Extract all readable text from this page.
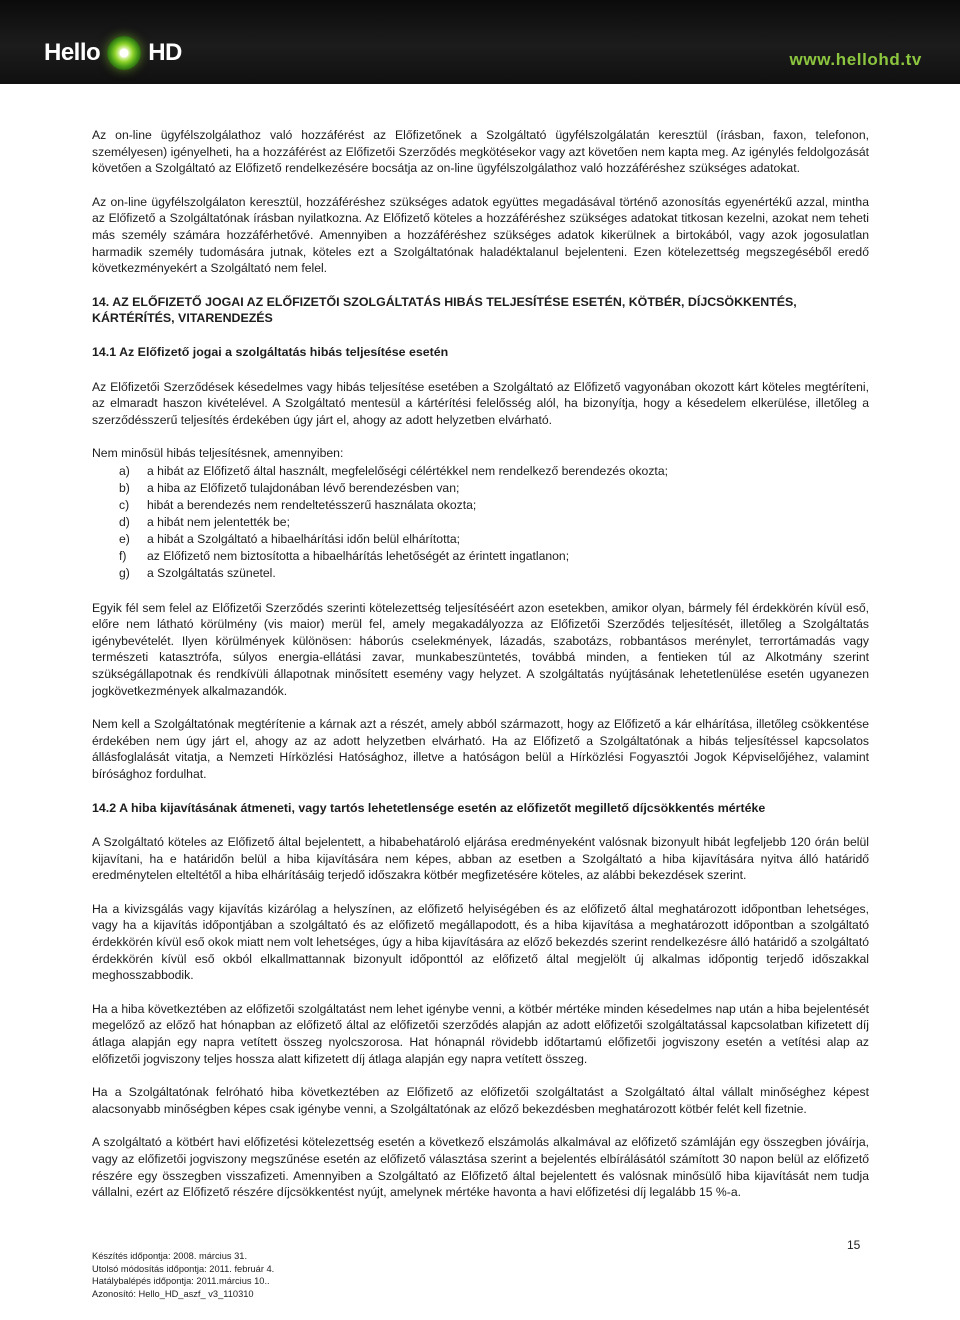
Hello HD	www.hellohd.tv

Az on-line ügyfélszolgálathoz való hozzáférést az Előfizetőnek a Szolgáltató ügyfélszolgálatán keresztül (írásban, faxon, telefonon, személyesen) igényelheti, ha a hozzáférést az Előfizetői Szerződés megkötésekor vagy azt követően nem kapta meg. Az igénylés feldolgozását követően a Szolgáltató az Előfizető rendelkezésére bocsátja az on-line ügyfélszolgálathoz való hozzáféréshez szükséges adatokat.

Az on-line ügyfélszolgálaton keresztül, hozzáféréshez szükséges adatok együttes megadásával történő azonosítás egyenértékű azzal, mintha az Előfizető a Szolgáltatónak írásban nyilatkozna. Az Előfizető köteles a hozzáféréshez szükséges adatokat titkosan kezelni, azokat nem teheti más személy számára hozzáférhetővé. Amennyiben a hozzáféréshez szükséges adatok kikerülnek a birtokából, vagy azok jogosulatlan harmadik személy tudomására jutnak, köteles ezt a Szolgáltatónak haladéktalanul bejelenteni. Ezen kötelezettség megszegéséből eredő következményekért a Szolgáltató nem felel.

14. AZ ELŐFIZETŐ JOGAI AZ ELŐFIZETŐI SZOLGÁLTATÁS HIBÁS TELJESÍTÉSE ESETÉN, KÖTBÉR, DÍJCSÖKKENTÉS, KÁRTÉRÍTÉS, VITARENDEZÉS
14.1 Az Előfizető jogai a szolgáltatás hibás teljesítése esetén

Az Előfizetői Szerződések késedelmes vagy hibás teljesítése esetében a Szolgáltató az Előfizető vagyonában okozott kárt köteles megtéríteni, az elmaradt haszon kivételével. A Szolgáltató mentesül a kártérítési felelősség alól, ha bizonyítja, hogy a késedelem elkerülése, illetőleg a szerződésszerű teljesítés érdekében úgy járt el, ahogy az adott helyzetben elvárható.

Nem minősül hibás teljesítésnek, amennyiben:

a)	a hibát az Előfizető által használt, megfelelőségi célértékkel nem rendelkező berendezés okozta;
b)	a hiba az Előfizető tulajdonában lévő berendezésben van;
c)	hibát a berendezés nem rendeltetésszerű használata okozta;
d)	a hibát nem jelentették be;
e)	a hibát a Szolgáltató a hibaelhárítási időn belül elhárította;
f)	az Előfizető nem biztosította a hibaelhárítás lehetőségét az érintett ingatlanon;
g)	a Szolgáltatás szünetel.

Egyik fél sem felel az Előfizetői Szerződés szerinti kötelezettség teljesítéséért azon esetekben, amikor olyan, bármely fél érdekkörén kívül eső, előre nem látható körülmény (vis maior) merül fel, amely megakadályozza az Előfizetői Szerződés teljesítését, illetőleg a Szolgáltatás igénybevételét. Ilyen körülmények különösen: háborús cselekmények, lázadás, szabotázs, robbantásos merénylet, terrortámadás vagy természeti katasztrófa, súlyos energia-ellátási zavar, munkabeszüntetés, továbbá minden, a fentieken túl az Alkotmány szerint szükségállapotnak és rendkívüli állapotnak minősített esemény vagy helyzet. A szolgáltatás nyújtásának lehetetlenülése esetén ugyanezen jogkövetkezmények alkalmazandók.

Nem kell a Szolgáltatónak megtérítenie a kárnak azt a részét, amely abból származott, hogy az Előfizető a kár elhárítása, illetőleg csökkentése érdekében nem úgy járt el, ahogy az az adott helyzetben elvárható. Ha az Előfizető a Szolgáltatónak a hibás teljesítéssel kapcsolatos állásfoglalását vitatja, a Nemzeti Hírközlési Hatósághoz, illetve a hatóságon belül a Hírközlési Fogyasztói Jogok Képviselőjéhez, valamint bírósághoz fordulhat.

14.2 A hiba kijavításának átmeneti, vagy tartós lehetetlensége esetén az előfizetőt megillető díjcsökkentés mértéke

A Szolgáltató köteles az Előfizető által bejelentett, a hibabehatároló eljárása eredményeként valósnak bizonyult hibát legfeljebb 120 órán belül kijavítani, ha e határidőn belül a hiba kijavítására nem képes, abban az esetben a Szolgáltató a hiba kijavítására nyitva álló határidő eredménytelen elteltétől a hiba elhárításáig terjedő időszakra kötbér megfizetésére köteles, az alábbi bekezdések szerint.

Ha a kivizsgálás vagy kijavítás kizárólag a helyszínen, az előfizető helyiségében és az előfizető által meghatározott időpontban lehetséges, vagy ha a kijavítás időpontjában a szolgáltató és az előfizető megállapodott, és a hiba kijavítása a meghatározott időpontban a szolgáltató érdekkörén kívül eső okok miatt nem volt lehetséges, úgy a hiba kijavítására az előző bekezdés szerint rendelkezésre álló határidő a szolgáltató érdekkörén kívül eső okból elkallmattannak bizonyult időponttól az előfizető által megjelölt új alkalmas időpontig terjedő időszakkal meghosszabbodik.

Ha a hiba következtében az előfizetői szolgáltatást nem lehet igénybe venni, a kötbér mértéke minden késedelmes nap után a hiba bejelentését megelőző az előző hat hónapban az előfizető által az előfizetői szerződés alapján az adott előfizetői szolgáltatással kapcsolatban kifizetett díj átlaga alapján egy napra vetített összeg nyolcszorosa. Hat hónapnál rövidebb időtartamú előfizetői jogviszony esetén a vetítési alap az előfizetői jogviszony teljes hossza alatt kifizetett díj átlaga alapján egy napra vetített összeg.

Ha a Szolgáltatónak felróható hiba következtében az Előfizető az előfizetői szolgáltatást a Szolgáltató által vállalt minőséghez képest alacsonyabb minőségben képes csak igénybe venni, a Szolgáltatónak az előző bekezdésben meghatározott kötbér felét kell fizetnie.

A szolgáltató a kötbért havi előfizetési kötelezettség esetén a következő elszámolás alkalmával az előfizető számláján egy összegben jóváírja, vagy az előfizetői jogviszony megszűnése esetén az előfizető választása szerint a bejelentés elbírálásától számított 30 napon belül az előfizető részére egy összegben visszafizeti. Amennyiben a Szolgáltató az Előfizető által bejelentett és valósnak minősülő hiba kijavítását nem tudja vállalni, ezért az Előfizető részére díjcsökkentést nyújt, amelynek mértéke havonta a havi előfizetési díj legalább 15 %-a.

15
Készítés időpontja: 2008. március 31.
Utolsó módosítás időpontja: 2011. február 4.
Hatálybalépés időpontja: 2011.március 10..
Azonosító: Hello_HD_aszf_ v3_110310
